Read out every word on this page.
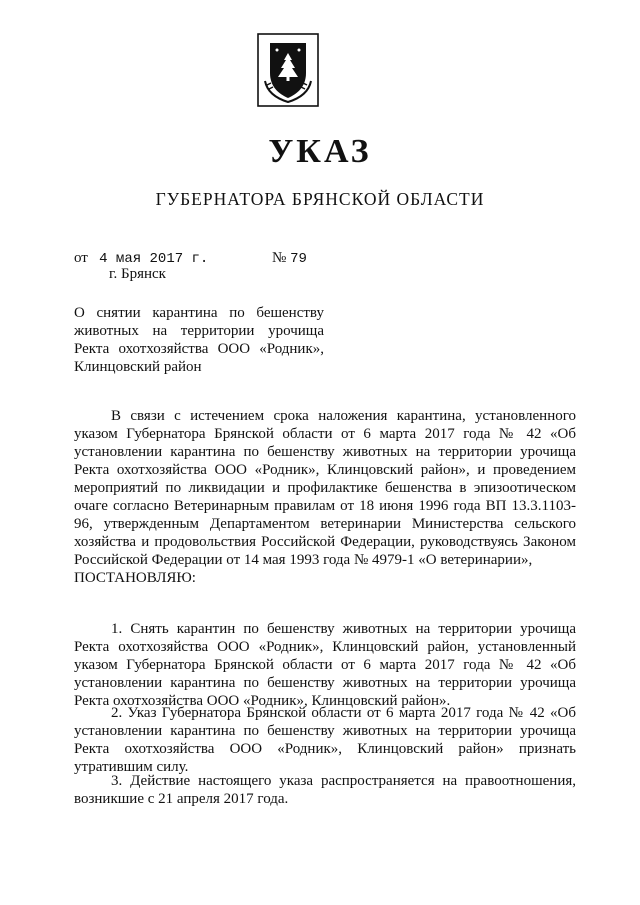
УКАЗ
ГУБЕРНАТОРА БРЯНСКОЙ ОБЛАСТИ
от 4 мая 2017 г.	№ 79
г. Брянск
О снятии карантина по бешенству
животных на территории урочища
Ректа охотхозяйства ООО «Родник»,
Клинцовский район

В связи с истечением срока наложения карантина, установленного указом Губернатора Брянской области от 6 марта 2017 года № 42 «Об установлении карантина по бешенству животных на территории урочища Ректа охотхозяйства ООО «Родник», Клинцовский район», и проведением мероприятий по ликвидации и профилактике бешенства в эпизоотическом очаге согласно Ветеринарным правилам от 18 июня 1996 года ВП 13.3.1103-96, утвержденным Департаментом ветеринарии Министерства сельского хозяйства и продовольствия Российской Федерации, руководствуясь Законом Российской Федерации от 14 мая 1993 года № 4979-1 «О ветеринарии»,

ПОСТАНОВЛЯЮ:

1. Снять карантин по бешенству животных на территории урочища Ректа охотхозяйства ООО «Родник», Клинцовский район, установленный указом Губернатора Брянской области от 6 марта 2017 года № 42 «Об установлении карантина по бешенству животных на территории урочища Ректа охотхозяйства ООО «Родник», Клинцовский район».

2. Указ Губернатора Брянской области от 6 марта 2017 года № 42 «Об установлении карантина по бешенству животных на территории урочища Ректа охотхозяйства ООО «Родник», Клинцовский район» признать утратившим силу.

3. Действие настоящего указа распространяется на правоотношения, возникшие с 21 апреля 2017 года.
